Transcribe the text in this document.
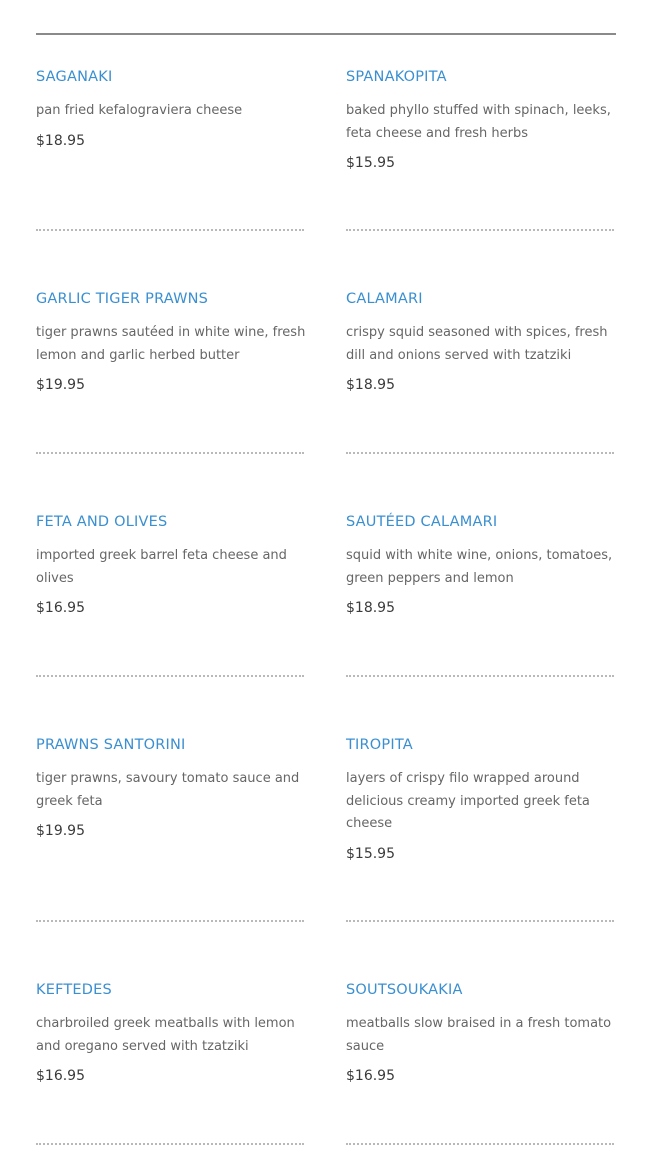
SAGANAKI
pan fried kefalograviera cheese
$18.95
SPANAKOPITA
baked phyllo stuffed with spinach, leeks, feta cheese and fresh herbs
$15.95
GARLIC TIGER PRAWNS
tiger prawns sautéed in white wine, fresh lemon and garlic herbed butter
$19.95
CALAMARI
crispy squid seasoned with spices, fresh dill and onions served with tzatziki
$18.95
FETA AND OLIVES
imported greek barrel feta cheese and olives
$16.95
SAUTÉED CALAMARI
squid with white wine, onions, tomatoes, green peppers and lemon
$18.95
PRAWNS SANTORINI
tiger prawns, savoury tomato sauce and greek feta
$19.95
TIROPITA
layers of crispy filo wrapped around delicious creamy imported greek feta cheese
$15.95
KEFTEDES
charbroiled greek meatballs with lemon and oregano served with tzatziki
$16.95
SOUTSOUKAKIA
meatballs slow braised in a fresh tomato sauce
$16.95
